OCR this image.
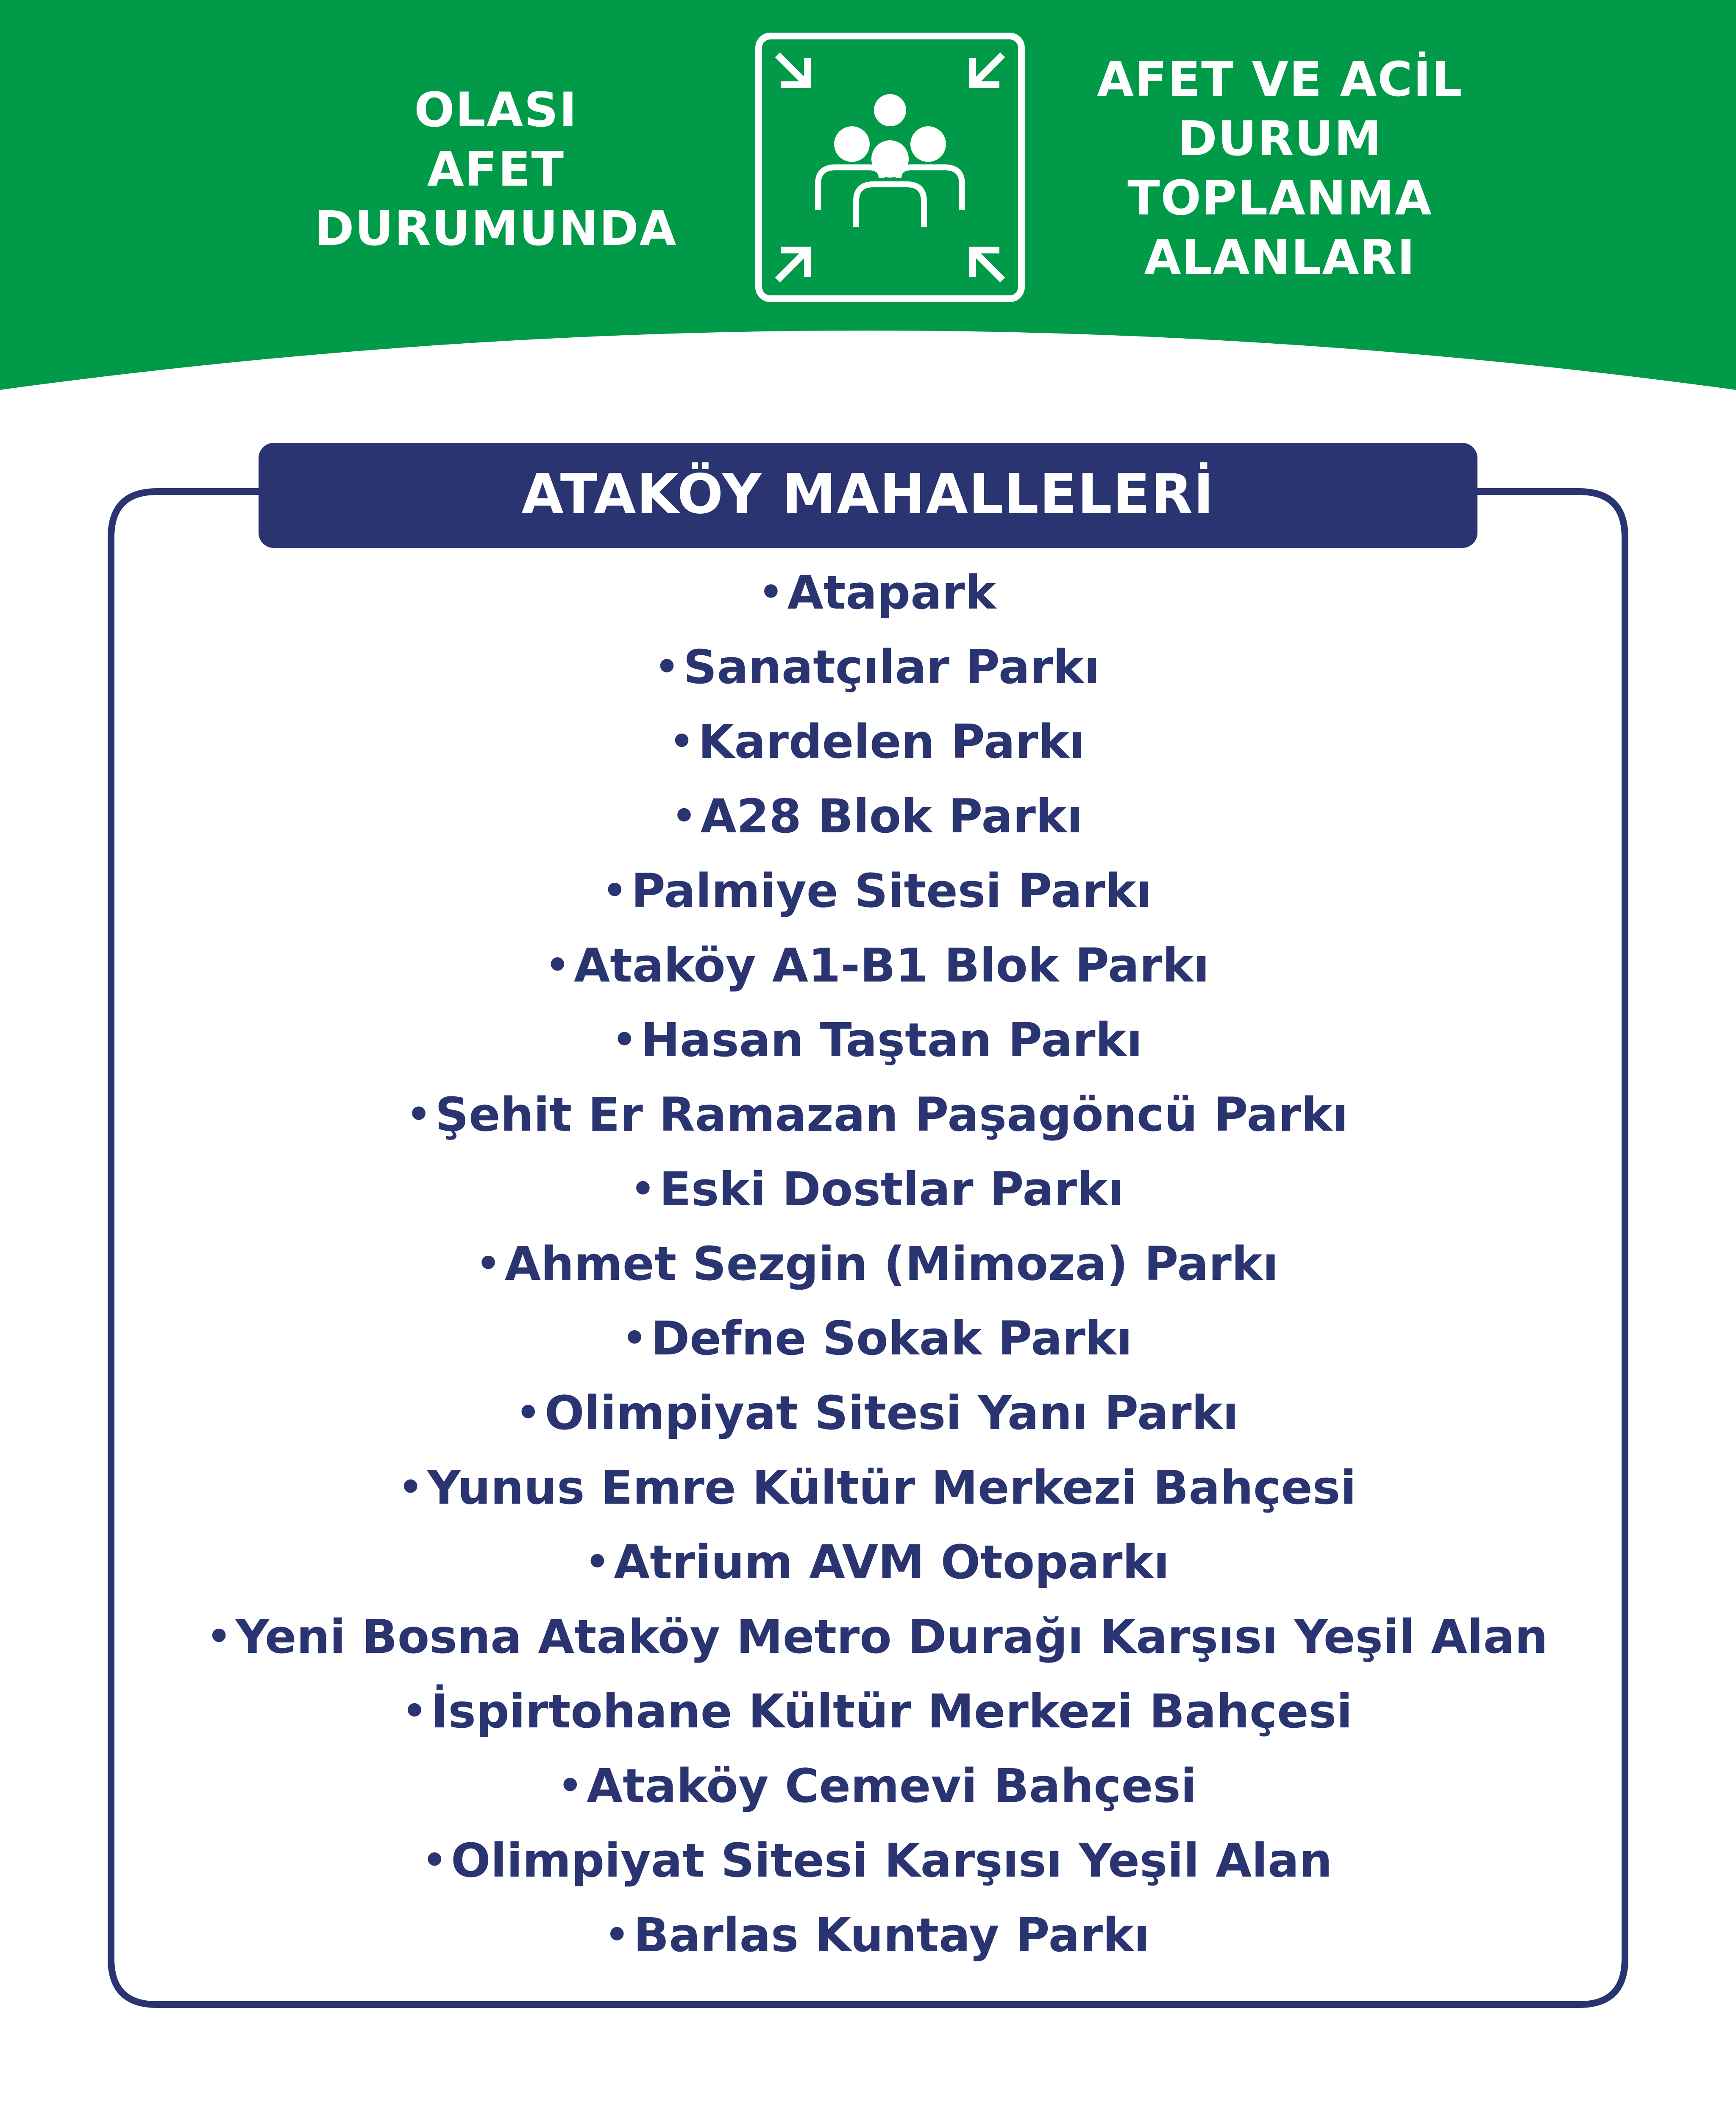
OLASI
AFET
DURUMUNDA
AFET VE ACİL
DURUM
TOPLANMA
ALANLARI
ATAKÖY MAHALLELERİ
•Atapark
•Sanatçılar Parkı
•Kardelen Parkı
•A28 Blok Parkı
•Palmiye Sitesi Parkı
•Ataköy A1-B1 Blok Parkı
•Hasan Taştan Parkı
•Şehit Er Ramazan Paşagöncü Parkı
•Eski Dostlar Parkı
•Ahmet Sezgin (Mimoza) Parkı
•Defne Sokak Parkı
•Olimpiyat Sitesi Yanı Parkı
•Yunus Emre Kültür Merkezi Bahçesi
•Atrium AVM Otoparkı
•Yeni Bosna Ataköy Metro Durağı Karşısı Yeşil Alan
•İspirtohane Kültür Merkezi Bahçesi
•Ataköy Cemevi Bahçesi
•Olimpiyat Sitesi Karşısı Yeşil Alan
•Barlas Kuntay Parkı
